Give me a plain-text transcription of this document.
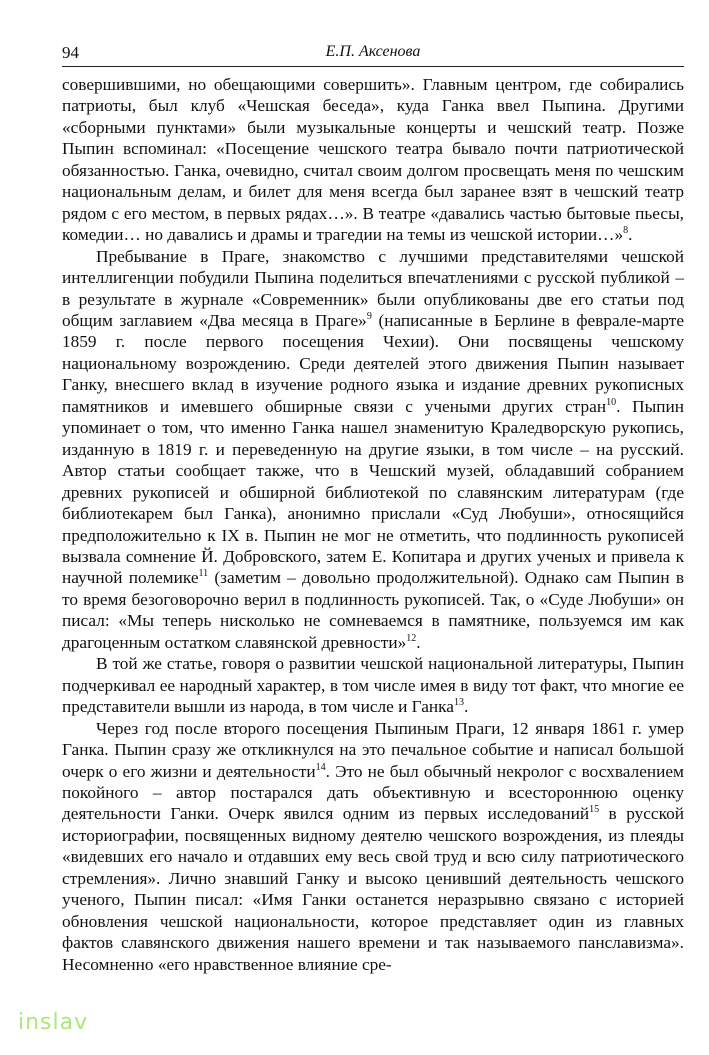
94	Е.П. Аксенова

совершившими, но обещающими совершить». Главным центром, где собирались патриоты, был клуб «Чешская беседа», куда Ганка ввел Пыпина. Другими «сборными пунктами» были музыкальные концерты и чешский театр. Позже Пыпин вспоминал: «Посещение чешского театра бывало почти патриотической обязанностью. Ганка, очевидно, считал своим долгом просвещать меня по чешским национальным делам, и билет для меня всегда был заранее взят в чешский театр рядом с его местом, в первых рядах…». В театре «давались частью бытовые пьесы, комедии… но давались и драмы и трагедии на темы из чешской истории…»$^8$.

Пребывание в Праге, знакомство с лучшими представителями чешской интеллигенции побудили Пыпина поделиться впечатлениями с русской публикой – в результате в журнале «Современник» были опубликованы две его статьи под общим заглавием «Два месяца в Праге»$^9$ (написанные в Берлине в феврале-марте 1859 г. после первого посещения Чехии). Они посвящены чешскому национальному возрождению. Среди деятелей этого движения Пыпин называет Ганку, внесшего вклад в изучение родного языка и издание древних рукописных памятников и имевшего обширные связи с учеными других стран$^{10}$. Пыпин упоминает о том, что именно Ганка нашел знаменитую Краледворскую рукопись, изданную в 1819 г. и переведенную на другие языки, в том числе – на русский. Автор статьи сообщает также, что в Чешский музей, обладавший собранием древних рукописей и обширной библиотекой по славянским литературам (где библиотекарем был Ганка), анонимно прислали «Суд Любуши», относящийся предположительно к IX в. Пыпин не мог не отметить, что подлинность рукописей вызвала сомнение Й. Добровского, затем Е. Копитара и других ученых и привела к научной полемике$^{11}$ (заметим – довольно продолжительной). Однако сам Пыпин в то время безоговорочно верил в подлинность рукописей. Так, о «Суде Любуши» он писал: «Мы теперь нисколько не сомневаемся в памятнике, пользуемся им как драгоценным остатком славянской древности»$^{12}$.

В той же статье, говоря о развитии чешской национальной литературы, Пыпин подчеркивал ее народный характер, в том числе имея в виду тот факт, что многие ее представители вышли из народа, в том числе и Ганка$^{13}$.

Через год после второго посещения Пыпиным Праги, 12 января 1861 г. умер Ганка. Пыпин сразу же откликнулся на это печальное событие и написал большой очерк о его жизни и деятельности$^{14}$. Это не был обычный некролог с восхвалением покойного – автор постарался дать объективную и всестороннюю оценку деятельности Ганки. Очерк явился одним из первых исследований$^{15}$ в русской историографии, посвященных видному деятелю чешского возрождения, из плеяды «видевших его начало и отдавших ему весь свой труд и всю силу патриотического стремления». Лично знавший Ганку и высоко ценивший деятельность чешского ученого, Пыпин писал: «Имя Ганки останется неразрывно связано с историей обновления чешской национальности, которое представляет один из главных фактов славянского движения нашего времени и так называемого панславизма». Несомненно «его нравственное влияние сре-

inslav
